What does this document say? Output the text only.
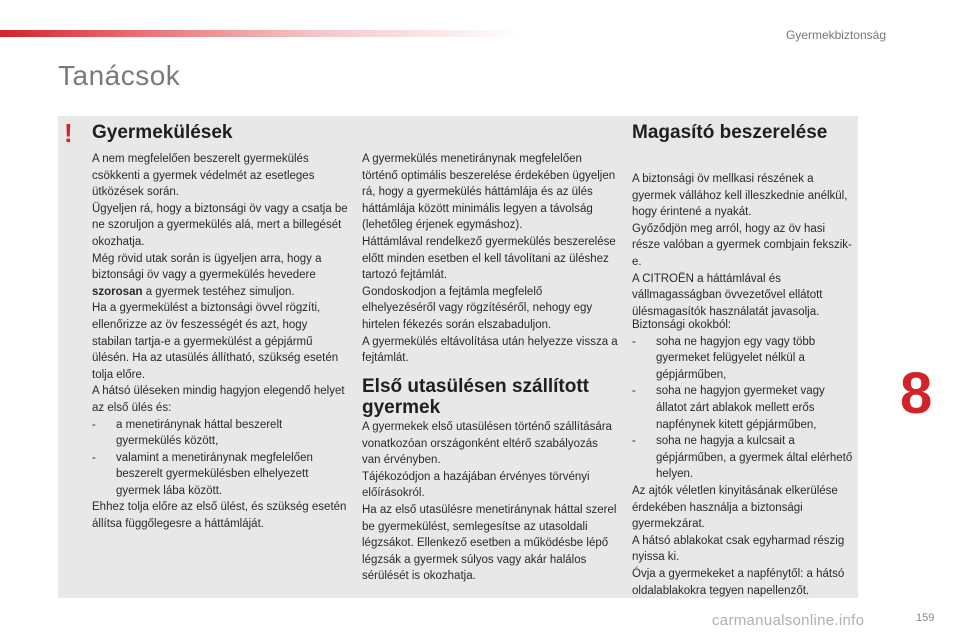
Gyermekbiztonság
Tanácsok
! Gyermekülések

A nem megfelelően beszerelt gyermekülés csökkenti a gyermek védelmét az esetleges ütközések során.

Ügyeljen rá, hogy a biztonsági öv vagy a csatja be ne szoruljon a gyermekülés alá, mert a billegését okozhatja.

Még rövid utak során is ügyeljen arra, hogy a biztonsági öv vagy a gyermekülés hevedere szorosan a gyermek testéhez simuljon.

Ha a gyermekülést a biztonsági övvel rögzíti, ellenőrizze az öv feszességét és azt, hogy stabilan tartja-e a gyermekülést a gépjármű ülésén. Ha az utasülés állítható, szükség esetén tolja előre.

A hátsó üléseken mindig hagyjon elegendő helyet az első ülés és:

-	a menetiránynak háttal beszerelt gyermekülés között,
-	valamint a menetiránynak megfelelően beszerelt gyermekülésben elhelyezett gyermek lába között.

Ehhez tolja előre az első ülést, és szükség esetén állítsa függőlegesre a háttámláját.

A gyermekülés menetiránynak megfelelően történő optimális beszerelése érdekében ügyeljen rá, hogy a gyermekülés háttámlája és az ülés háttámlája között minimális legyen a távolság (lehetőleg érjenek egymáshoz).

Háttámlával rendelkező gyermekülés beszerelése előtt minden esetben el kell távolítani az üléshez tartozó fejtámlát.

Gondoskodjon a fejtámla megfelelő elhelyezéséről vagy rögzítéséről, nehogy egy hirtelen fékezés során elszabaduljon.

A gyermekülés eltávolítása után helyezze vissza a fejtámlát.

Első utasülésen szállított
gyermek

A gyermekek első utasülésen történő szállítására vonatkozóan országonként eltérő szabályozás van érvényben.

Tájékozódjon a hazájában érvényes törvényi előírásokról.

Ha az első utasülésre menetiránynak háttal szerel be gyermekülést, semlegesítse az utasoldali légzsákot. Ellenkező esetben a működésbe lépő légzsák a gyermek súlyos vagy akár halálos sérülését is okozhatja.

Magasító beszerelése

A biztonsági öv mellkasi részének a gyermek vállához kell illeszkednie anélkül, hogy érintené a nyakát.

Győződjön meg arról, hogy az öv hasi része valóban a gyermek combjain fekszik-e.

A CITROËN a háttámlával és vállmagasságban övvezetővel ellátott ülésmagasítók használatát javasolja.

Biztonsági okokból:

-	soha ne hagyjon egy vagy több gyermeket felügyelet nélkül a gépjárműben,
-	soha ne hagyjon gyermeket vagy állatot zárt ablakok mellett erős napfénynek kitett gépjárműben,
-	soha ne hagyja a kulcsait a gépjárműben, a gyermek által elérhető helyen.

Az ajtók véletlen kinyitásának elkerülése érdekében használja a biztonsági gyermekzárat.

A hátsó ablakokat csak egyharmad részig nyissa ki.

Óvja a gyermekeket a napfénytől: a hátsó oldalablakokra tegyen napellenzőt.

8
carmanualsonline.info	159
